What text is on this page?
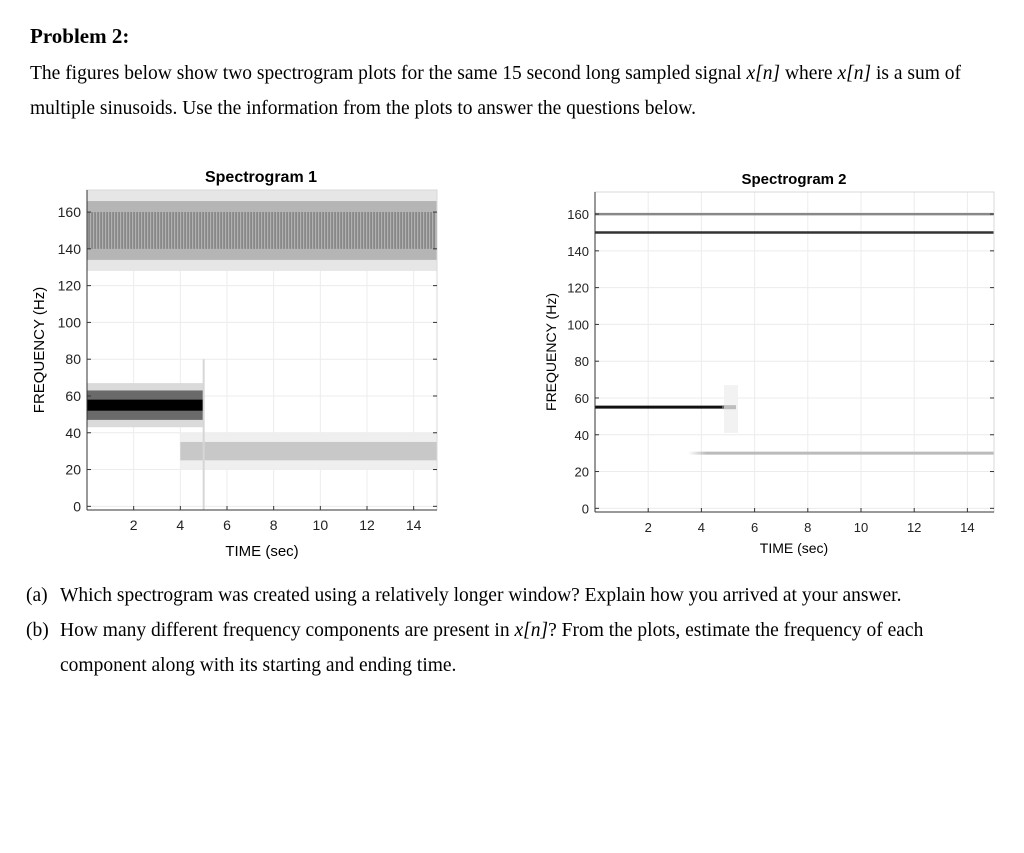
Problem 2:
The figures below show two spectrogram plots for the same 15 second long sampled signal x[n] where x[n] is a sum of multiple sinusoids. Use the information from the plots to answer the questions below.
Spectrogram 1
2	4	6	8 10 12 14
0
20
40
60
80
100
120
140
160
TIME (sec)
FREQUENCY (Hz)
Spectrogram 2
2	4	6	8	10	12	14
0
20
40
60
80
100
120
140
160
TIME (sec)
FREQUENCY (Hz)
(a) Which spectrogram was created using a relatively longer window? Explain how you arrived at your answer.
(b) How many different frequency components are present in x[n]? From the plots, estimate the frequency of each component along with its starting and ending time.
